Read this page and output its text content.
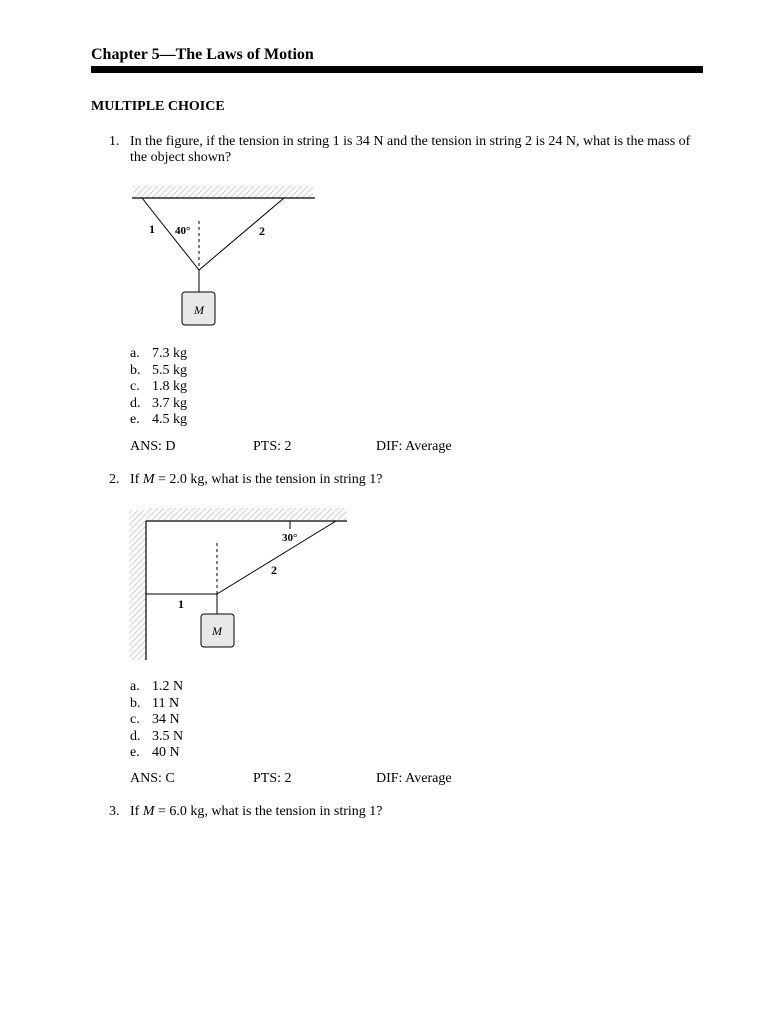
Chapter 5—The Laws of Motion
MULTIPLE CHOICE
1. In the figure, if the tension in string 1 is 34 N and the tension in string 2 is 24 N, what is the mass of
the object shown?
M
1 40°	2
a. 7.3 kg
b. 5.5 kg
c. 1.8 kg
d. 3.7 kg
e. 4.5 kg
ANS: D	PTS: 2	DIF: Average
2. If M = 2.0 kg, what is the tension in string 1?
M
30°
2
1
a. 1.2 N
b. 11 N
c. 34 N
d. 3.5 N
e. 40 N
ANS: C	PTS: 2	DIF: Average
3. If M = 6.0 kg, what is the tension in string 1?
